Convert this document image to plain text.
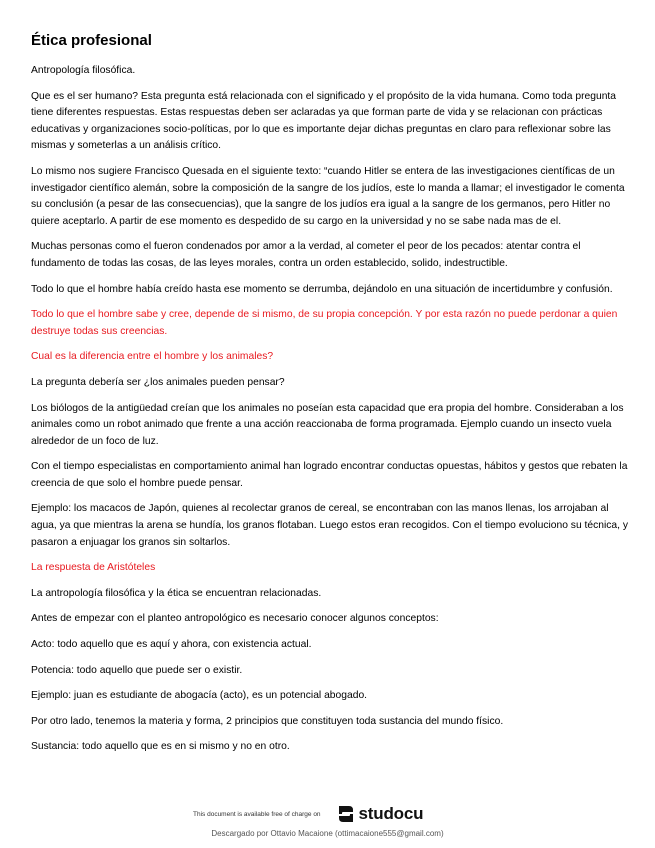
Ética profesional

Antropología filosófica.

Que es el ser humano? Esta pregunta está relacionada con el significado y el propósito de la vida humana. Como toda pregunta tiene diferentes respuestas. Estas respuestas deben ser aclaradas ya que forman parte de vida y se relacionan con prácticas educativas y organizaciones socio-políticas, por lo que es importante dejar dichas preguntas en claro para reflexionar sobre las mismas y someterlas a un análisis crítico.

Lo mismo nos sugiere Francisco Quesada en el siguiente texto: “cuando Hitler se entera de las investigaciones científicas de un investigador científico alemán, sobre la composición de la sangre de los judíos, este lo manda a llamar; el investigador le comenta su conclusión (a pesar de las consecuencias), que la sangre de los judíos era igual a la sangre de los germanos, pero Hitler no quiere aceptarlo. A partir de ese momento es despedido de su cargo en la universidad y no se sabe nada mas de el.

Muchas personas como el fueron condenados por amor a la verdad, al cometer el peor de los pecados: atentar contra el fundamento de todas las cosas, de las leyes morales, contra un orden establecido, solido, indestructible.

Todo lo que el hombre había creído hasta ese momento se derrumba, dejándolo en una situación de incertidumbre y confusión.

Todo lo que el hombre sabe y cree, depende de si mismo, de su propia concepción. Y por esta razón no puede perdonar a quien destruye todas sus creencias.

Cual es la diferencia entre el hombre y los animales?

La pregunta debería ser ¿los animales pueden pensar?

Los biólogos de la antigüedad creían que los animales no poseían esta capacidad que era propia del hombre. Consideraban a los animales como un robot animado que frente a una acción reaccionaba de forma programada. Ejemplo cuando un insecto vuela alrededor de un foco de luz.

Con el tiempo especialistas en comportamiento animal han logrado encontrar conductas opuestas, hábitos y gestos que rebaten la creencia de que solo el hombre puede pensar.

Ejemplo: los macacos de Japón, quienes al recolectar granos de cereal, se encontraban con las manos llenas, los arrojaban al agua, ya que mientras la arena se hundía, los granos flotaban. Luego estos eran recogidos. Con el tiempo evoluciono su técnica, y pasaron a enjuagar los granos sin soltarlos.

La respuesta de Aristóteles

La antropología filosófica y la ética se encuentran relacionadas.

Antes de empezar con el planteo antropológico es necesario conocer algunos conceptos:

Acto: todo aquello que es aquí y ahora, con existencia actual.

Potencia: todo aquello que puede ser o existir.

Ejemplo: juan es estudiante de abogacía (acto), es un potencial abogado.

Por otro lado, tenemos la materia y forma, 2 principios que constituyen toda sustancia del mundo físico.

Sustancia: todo aquello que es en si mismo y no en otro.

This document is available free of charge on studocu
Descargado por Ottavio Macaione (ottimacaione555@gmail.com)
